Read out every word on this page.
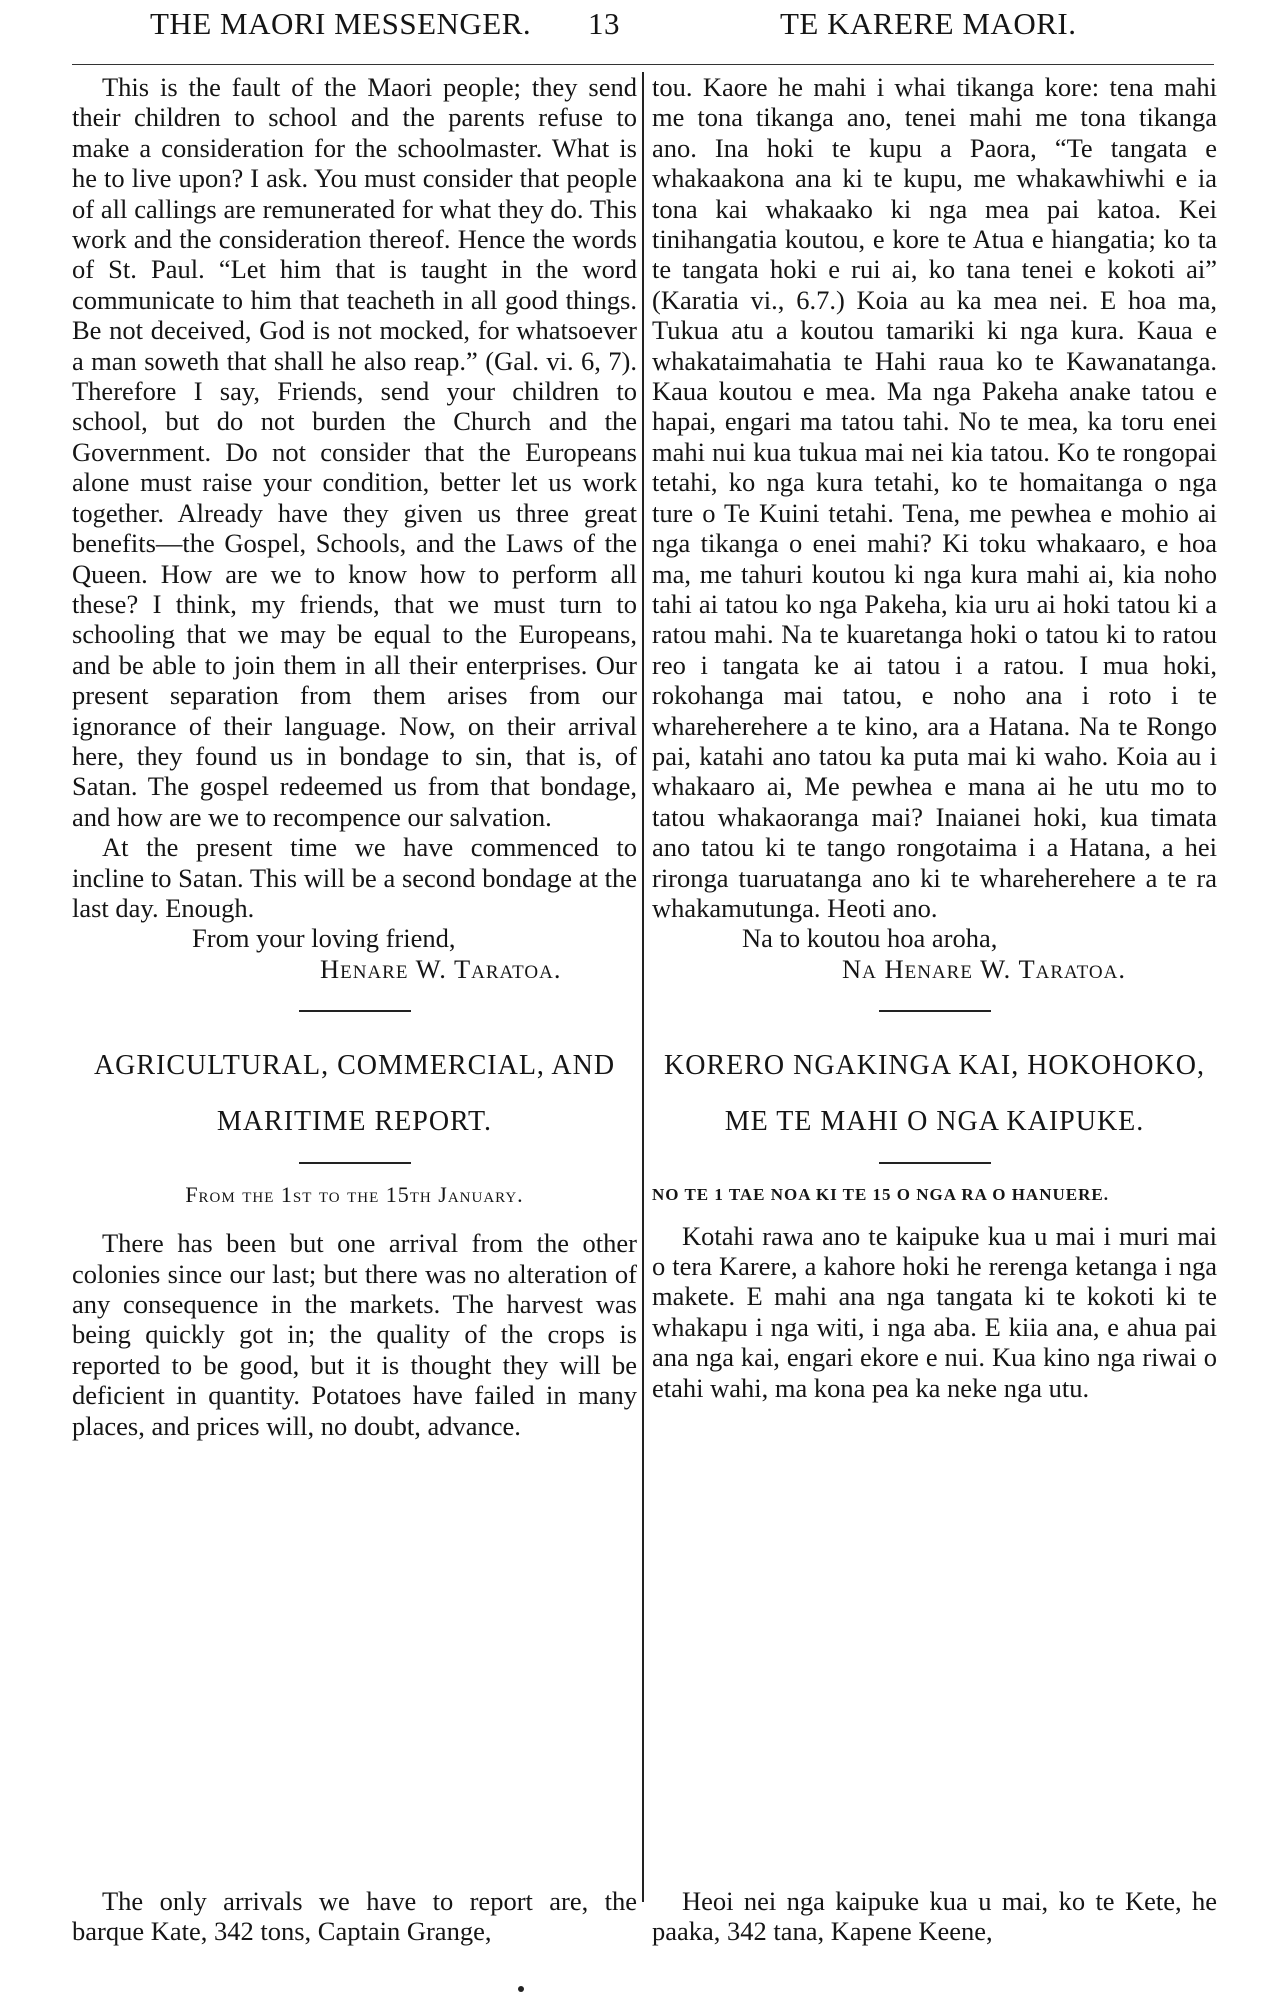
THE MAORI MESSENGER. 13	TE KARERE MAORI.

This is the fault of the Maori people; they send their children to school and the parents refuse to make a consideration for the schoolmaster. What is he to live upon? I ask. You must consider that people of all callings are remunerated for what they do. This work and the consideration thereof. Hence the words of St. Paul. “Let him that is taught in the word communicate to him that teacheth in all good things. Be not deceived, God is not mocked, for whatsoever a man soweth that shall he also reap.” (Gal. vi. 6, 7). Therefore I say, Friends, send your children to school, but do not burden the Church and the Government. Do not consider that the Europeans alone must raise your condition, better let us work together. Already have they given us three great benefits—the Gospel, Schools, and the Laws of the Queen. How are we to know how to perform all these? I think, my friends, that we must turn to schooling that we may be equal to the Europeans, and be able to join them in all their enterprises. Our present separation from them arises from our ignorance of their language. Now, on their arrival here, they found us in bondage to sin, that is, of Satan. The gospel redeemed us from that bondage, and how are we to recompence our salvation.

At the present time we have commenced to incline to Satan. This will be a second bondage at the last day. Enough.

From your loving friend,

Henare W. Taratoa.

AGRICULTURAL, COMMERCIAL, AND

MARITIME REPORT.

From the 1st to the 15th January.

There has been but one arrival from the other colonies since our last; but there was no alteration of any consequence in the markets. The harvest was being quickly got in; the quality of the crops is reported to be good, but it is thought they will be deficient in quantity. Potatoes have failed in many places, and prices will, no doubt, advance.

tou. Kaore he mahi i whai tikanga kore: tena mahi me tona tikanga ano, tenei mahi me tona tikanga ano. Ina hoki te kupu a Paora, “Te tangata e whakaakona ana ki te kupu, me whakawhiwhi e ia tona kai whakaako ki nga mea pai katoa. Kei tinihangatia koutou, e kore te Atua e hiangatia; ko ta te tangata hoki e rui ai, ko tana tenei e kokoti ai” (Karatia vi., 6.7.) Koia au ka mea nei. E hoa ma, Tukua atu a koutou tamariki ki nga kura. Kaua e whakataimahatia te Hahi raua ko te Kawanatanga. Kaua koutou e mea. Ma nga Pakeha anake tatou e hapai, engari ma tatou tahi. No te mea, ka toru enei mahi nui kua tukua mai nei kia tatou. Ko te rongopai tetahi, ko nga kura tetahi, ko te homaitanga o nga ture o Te Kuini tetahi. Tena, me pewhea e mohio ai nga tikanga o enei mahi? Ki toku whakaaro, e hoa ma, me tahuri koutou ki nga kura mahi ai, kia noho tahi ai tatou ko nga Pakeha, kia uru ai hoki tatou ki a ratou mahi. Na te kuaretanga hoki o tatou ki to ratou reo i tangata ke ai tatou i a ratou. I mua hoki, rokohanga mai tatou, e noho ana i roto i te whareherehere a te kino, ara a Hatana. Na te Rongo pai, katahi ano tatou ka puta mai ki waho. Koia au i whakaaro ai, Me pewhea e mana ai he utu mo to tatou whakaoranga mai? Inaianei hoki, kua timata ano tatou ki te tango rongotaima i a Hatana, a hei rironga tuaruatanga ano ki te whareherehere a te ra whakamutunga. Heoti ano.

Na to koutou hoa aroha,

Na Henare W. Taratoa.

KORERO NGAKINGA KAI, HOKOHOKO,

ME TE MAHI O NGA KAIPUKE.

NO TE 1 TAE NOA KI TE 15 O NGA RA O HANUERE.

Kotahi rawa ano te kaipuke kua u mai i muri mai o tera Karere, a kahore hoki he rerenga ketanga i nga makete. E mahi ana nga tangata ki te kokoti ki te whakapu i nga witi, i nga aba. E kiia ana, e ahua pai ana nga kai, engari ekore e nui. Kua kino nga riwai o etahi wahi, ma kona pea ka neke nga utu.

The only arrivals we have to report are, the barque Kate, 342 tons, Captain Grange,

Heoi nei nga kaipuke kua u mai, ko te Kete, he paaka, 342 tana, Kapene Keene,
